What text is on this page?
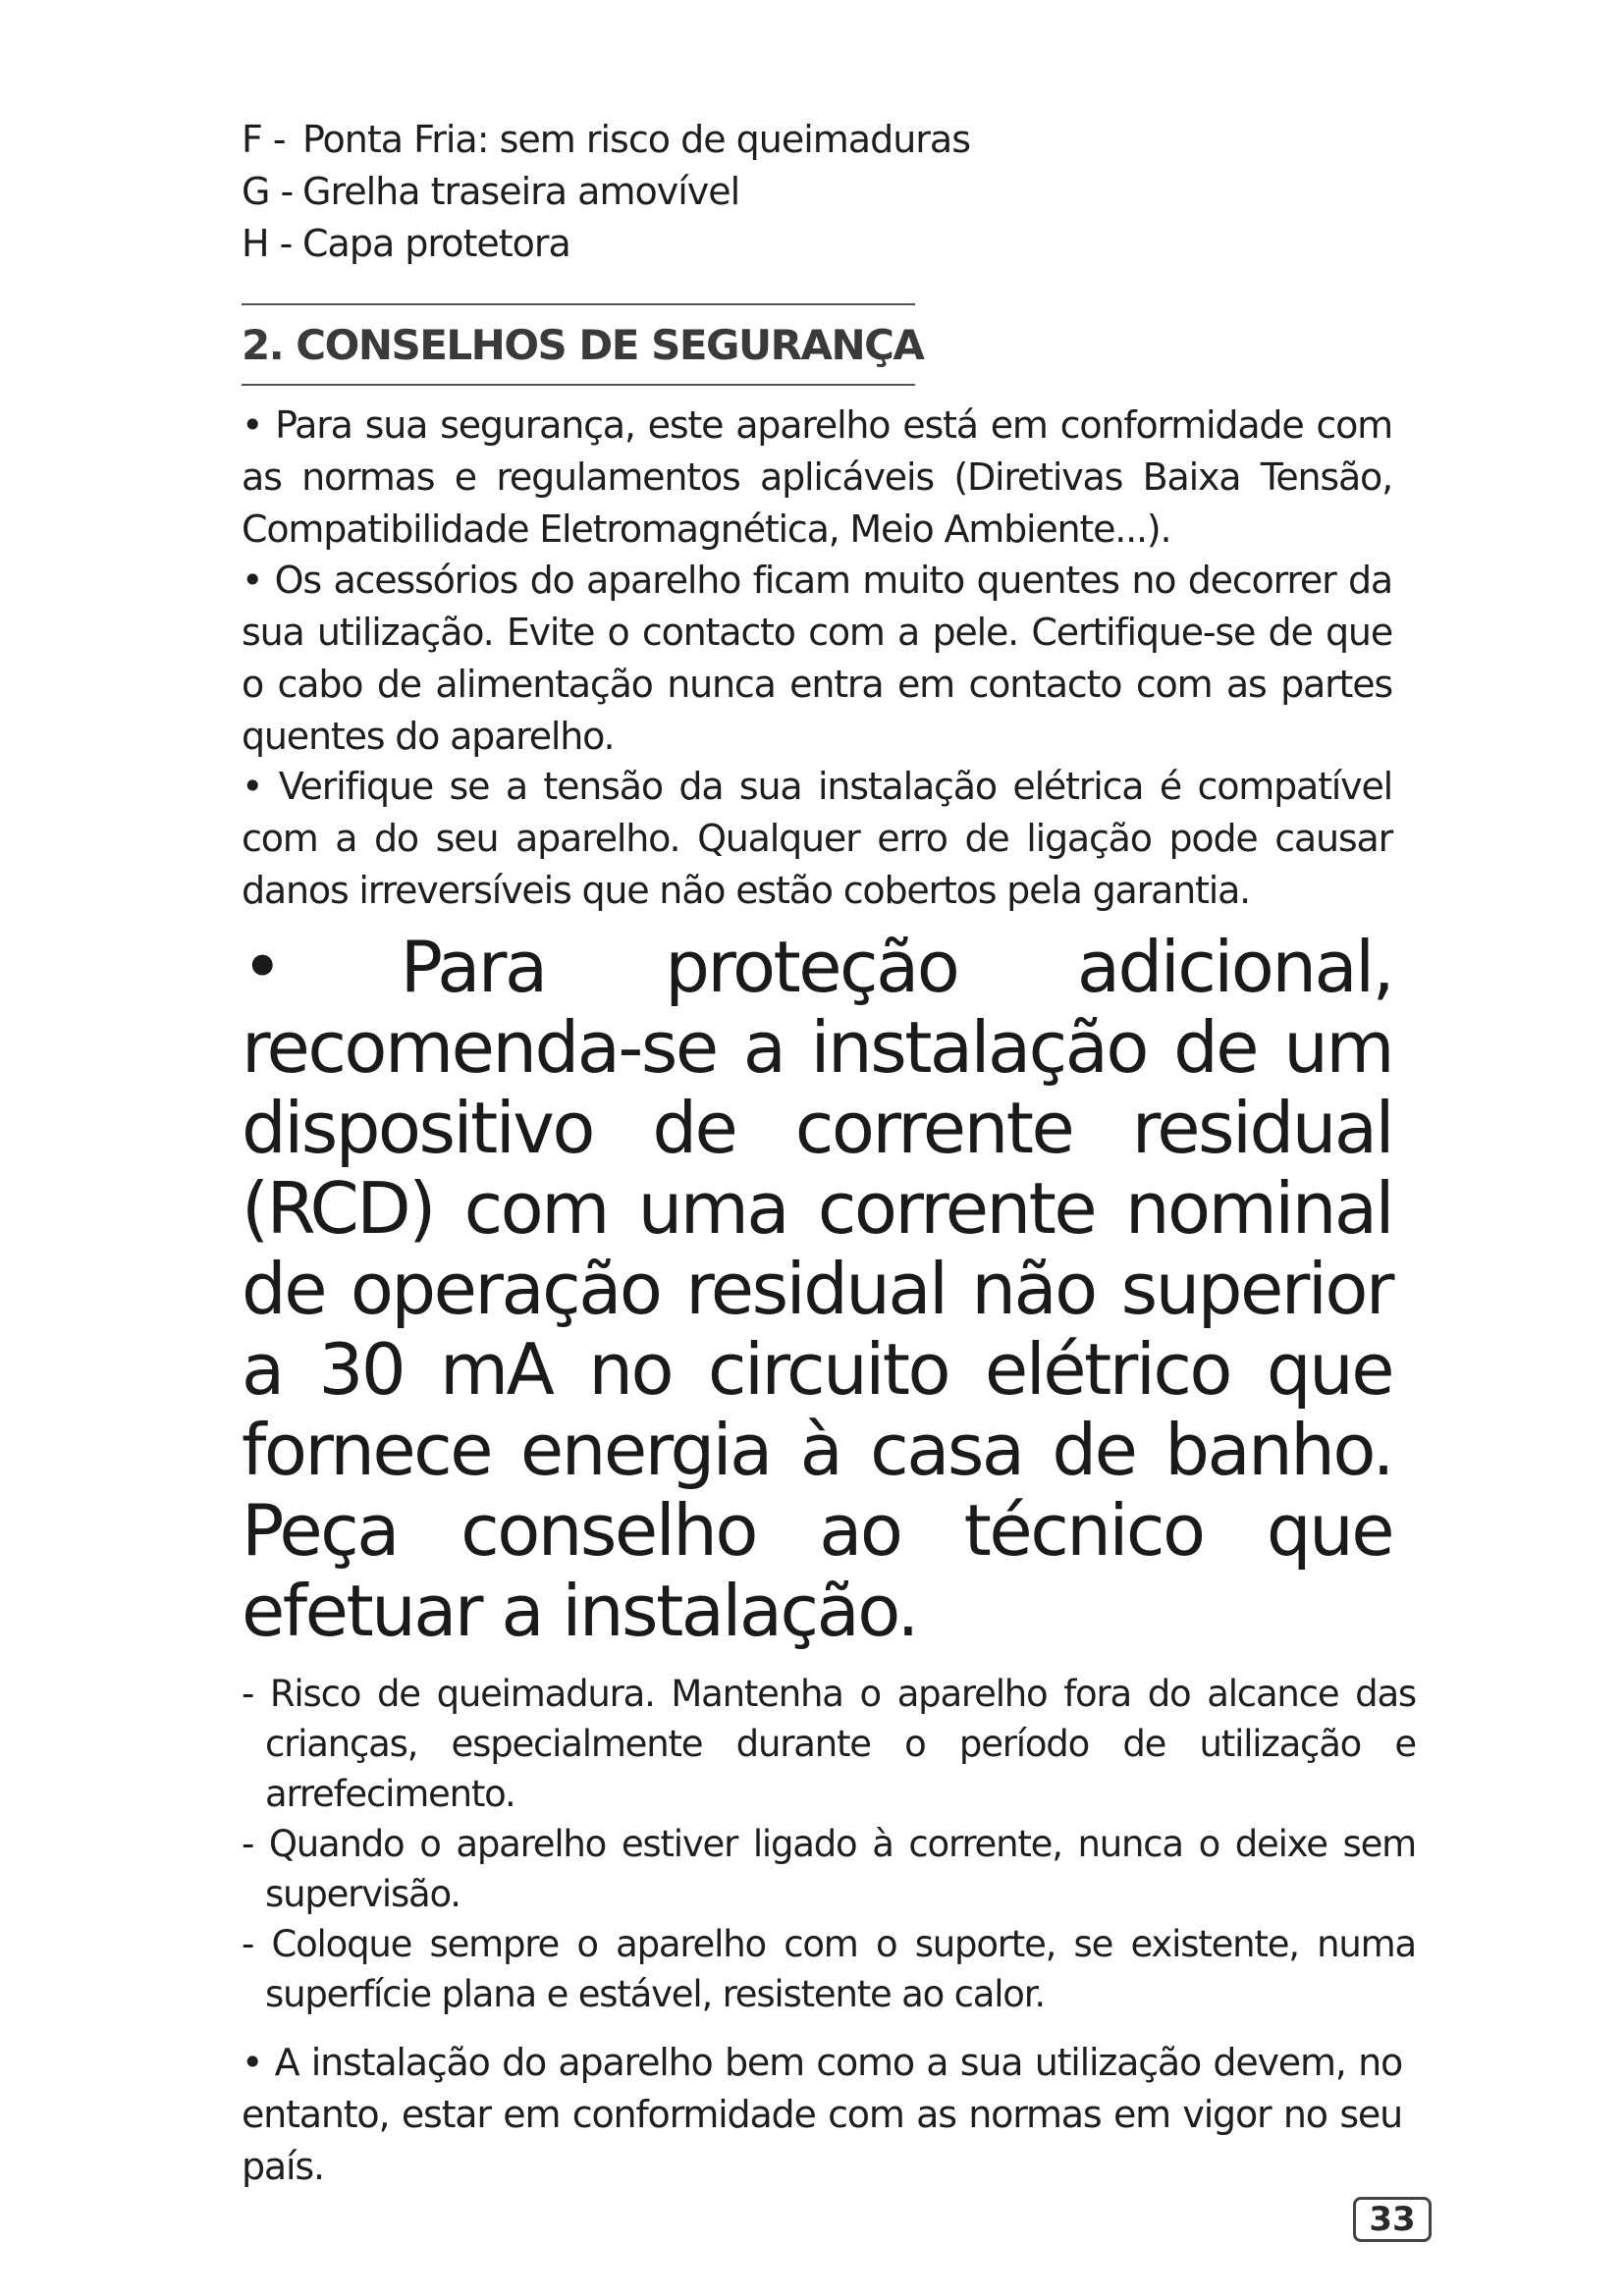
F - Ponta Fria: sem risco de queimaduras
G - Grelha traseira amovível
H - Capa protetora
2. CONSELHOS DE SEGURANÇA

• Para sua segurança, este aparelho está em conformidade com as normas e regulamentos aplicáveis (Diretivas Baixa Tensão, Compatibilidade Eletromagnética, Meio Ambiente...).

• Os acessórios do aparelho ficam muito quentes no decorrer da sua utilização. Evite o contacto com a pele. Certifique-se de que o cabo de alimentação nunca entra em contacto com as partes quentes do aparelho.

• Verifique se a tensão da sua instalação elétrica é compatível com a do seu aparelho. Qualquer erro de ligação pode causar danos irreversíveis que não estão cobertos pela garantia.

• Para proteção adicional, recomenda-se a instalação de um dispositivo de corrente residual (RCD) com uma corrente nominal de operação residual não superior a 30 mA no circuito elétrico que fornece energia à casa de banho. Peça conselho ao técnico que efetuar a instalação.

- Risco de queimadura. Mantenha o aparelho fora do alcance das crianças, especialmente durante o período de utilização e arrefecimento.
- Quando o aparelho estiver ligado à corrente, nunca o deixe sem supervisão.
- Coloque sempre o aparelho com o suporte, se existente, numa superfície plana e estável, resistente ao calor.

• A instalação do aparelho bem como a sua utilização devem, no entanto, estar em conformidade com as normas em vigor no seu país.

33
